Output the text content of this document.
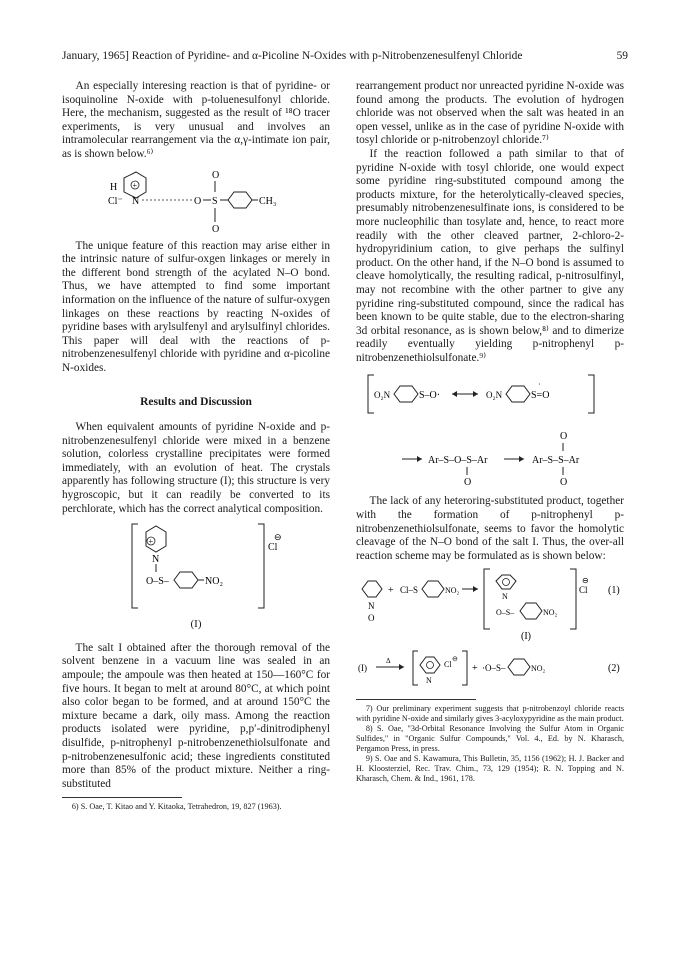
January, 1965] Reaction of Pyridine- and α-Picoline N-Oxides with p-Nitrobenzenesulfenyl Chloride	59

An especially interesing reaction is that of pyridine- or isoquinoline N-oxide with p-toluenesulfonyl chloride. Here, the mechanism, suggested as the result of ¹⁸O tracer experiments, is very unusual and involves an intramolecular rearrangement via the α,γ-intimate ion pair, as is shown below.⁶⁾

+
H
Cl⁻ N	O S
O
O
CH₃

The unique feature of this reaction may arise either in the intrinsic nature of sulfur-oxgen linkages or merely in the different bond strength of the acylated N–O bond. Thus, we have attempted to find some important information on the influence of the nature of sulfur-oxygen linkages on these reactions by reacting N-oxides of pyridine bases with arylsulfenyl and arylsulfinyl chlorides. This paper will deal with the reactions of p-nitrobenzenesulfenyl chloride with pyridine and α-picoline N-oxides.

Results and Discussion

When equivalent amounts of pyridine N-oxide and p-nitrobenzenesulfenyl chloride were mixed in a benzene solution, colorless crystalline precipitates were formed immediately, with an evolution of heat. The crystals apparently has following structure (I); this structure is very hygroscopic, but it can readily be converted to its perchlorate, which has the correct analytical composition.

+
N
O–S–	NO₂
Cl
⊖
(I)

The salt I obtained after the thorough removal of the solvent benzene in a vacuum line was sealed in an ampoule; the ampoule was then heated at 150—160°C for five hours. It began to melt at around 80°C, at which point also color began to be formed, and at around 150°C the mixture became a dark, oily mass. Among the reaction products isolated were pyridine, p,p′-dinitrodiphenyl disulfide, p-nitrophenyl p-nitrobenzenethiolsulfonate and p-nitrobenzenesulfonic acid; these ingredients constituted more than 85% of the product mixture. Neither a ring-substituted

6) S. Oae, T. Kitao and Y. Kitaoka, Tetrahedron, 19, 827 (1963).

rearrangement product nor unreacted pyridine N-oxide was found among the products. The evolution of hydrogen chloride was not observed when the salt was heated in an open vessel, unlike as in the case of pyridine N-oxide with tosyl chloride or p-nitrobenzoyl chloride.⁷⁾

If the reaction followed a path similar to that of pyridine N-oxide with tosyl chloride, one would expect some pyridine ring-substituted compound among the products mixture, for the heterolytically-cleaved species, presumably nitrobenzenesulfinate ions, is considered to be more nucleophilic than tosylate and, hence, to react more readily with the other cleaved partner, 2-chloro-2-hydropyridinium cation, to give perhaps the sulfinyl product. On the other hand, if the N–O bond is assumed to cleave homolytically, the resulting radical, p-nitrosulfinyl, may not recombine with the other partner to give any pyridine ring-substituted compound, since the radical has been known to be quite stable, due to the electron-sharing 3d orbital resonance, as is shown below,⁸⁾ and to dimerize readily eventually yielding p-nitrophenyl p-nitrobenzenethiolsulfonate.⁹⁾

O₂N	S–O·	O₂N	S=O
·
Ar–S–O–S–Ar
O
Ar–S–S–Ar
O
O

The lack of any heteroring-substituted product, together with the formation of p-nitrophenyl p-nitrobenzenethiolsulfonate, seems to favor the homolytic cleavage of the N–O bond of the salt I. Thus, the over-all reaction scheme may be formulated as is shown below:

N
O
+ Cl–S	NO₂
N
O–S–	NO₂
Cl
⊖
(1)
(I)
(I)
Δ
N
Cl
⊖
+ ·O–S–	NO₂	(2)

7) Our preliminary experiment suggests that p-nitrobenzoyl chloride reacts with pyridine N-oxide and similarly gives 3-acyloxypyridine as the main product.

8) S. Oae, "3d-Orbital Resonance Involving the Sulfur Atom in Organic Sulfides," in "Organic Sulfur Compounds," Vol. 4., Ed. by N. Kharasch, Pergamon Press, in press.

9) S. Oae and S. Kawamura, This Bulletin, 35, 1156 (1962); H. J. Backer and H. Kloosterziel, Rec. Trav. Chim., 73, 129 (1954); R. N. Topping and N. Kharasch, Chem. & Ind., 1961, 178.
